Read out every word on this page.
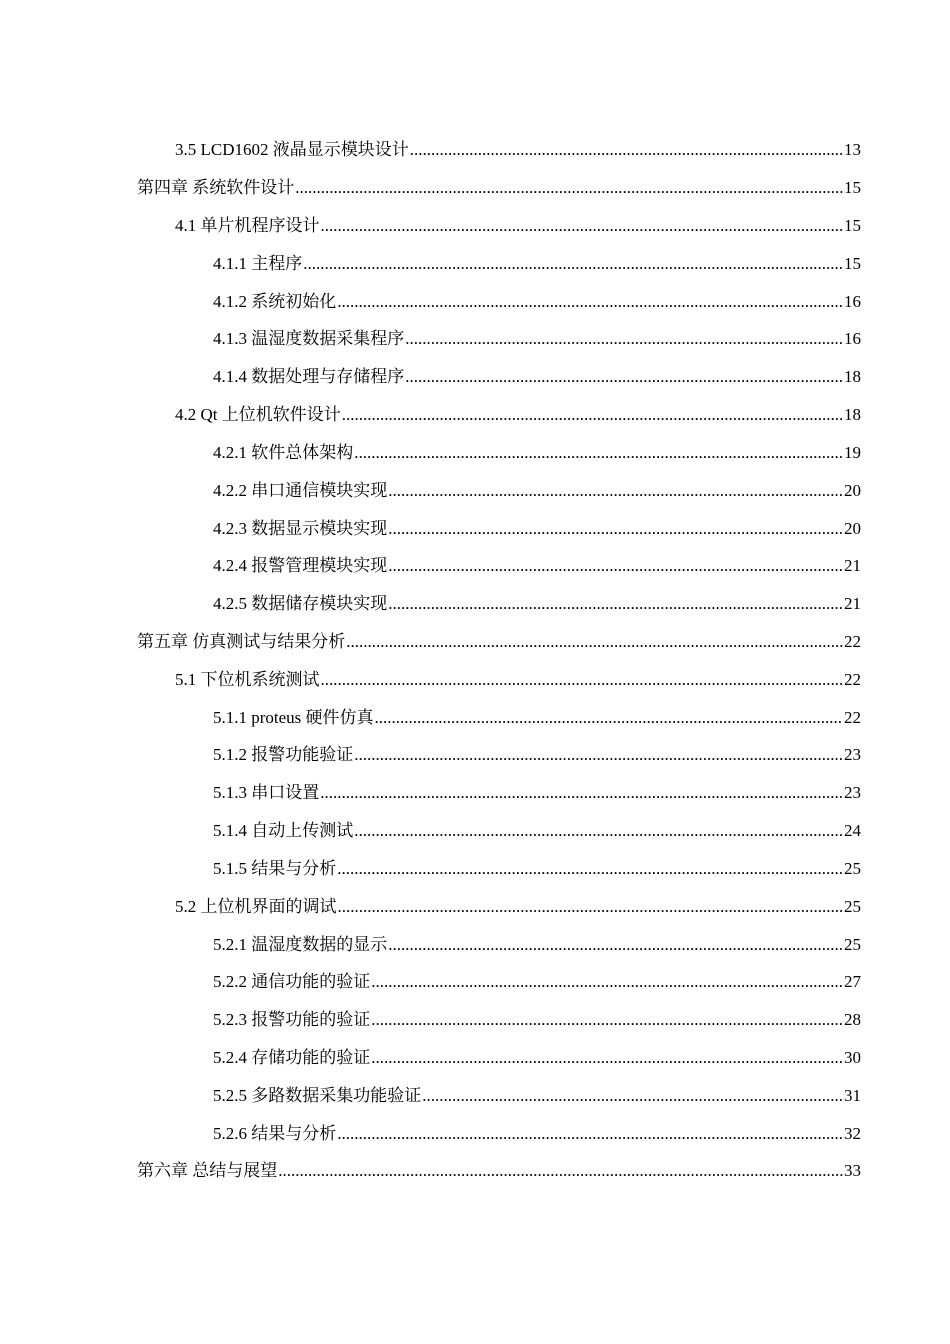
3.5 LCD1602 液晶显示模块设计 .....	13
第四章 系统软件设计 .....	15
4.1 单片机程序设计 .....	15
4.1.1 主程序 .....	15
4.1.2 系统初始化 .....	16
4.1.3 温湿度数据采集程序 .....	16
4.1.4 数据处理与存储程序 .....	18
4.2 Qt 上位机软件设计 .....	18
4.2.1 软件总体架构 .....	19
4.2.2 串口通信模块实现 .....	20
4.2.3 数据显示模块实现 .....	20
4.2.4 报警管理模块实现 .....	21
4.2.5 数据储存模块实现 .....	21
第五章 仿真测试与结果分析 .....	22
5.1 下位机系统测试 .....	22
5.1.1 proteus 硬件仿真 .....	22
5.1.2 报警功能验证 .....	23
5.1.3 串口设置 .....	23
5.1.4 自动上传测试 .....	24
5.1.5 结果与分析 .....	25
5.2 上位机界面的调试 .....	25
5.2.1 温湿度数据的显示 .....	25
5.2.2 通信功能的验证 .....	27
5.2.3 报警功能的验证 .....	28
5.2.4 存储功能的验证 .....	30
5.2.5 多路数据采集功能验证 .....	31
5.2.6 结果与分析 .....	32
第六章 总结与展望 .....	33
